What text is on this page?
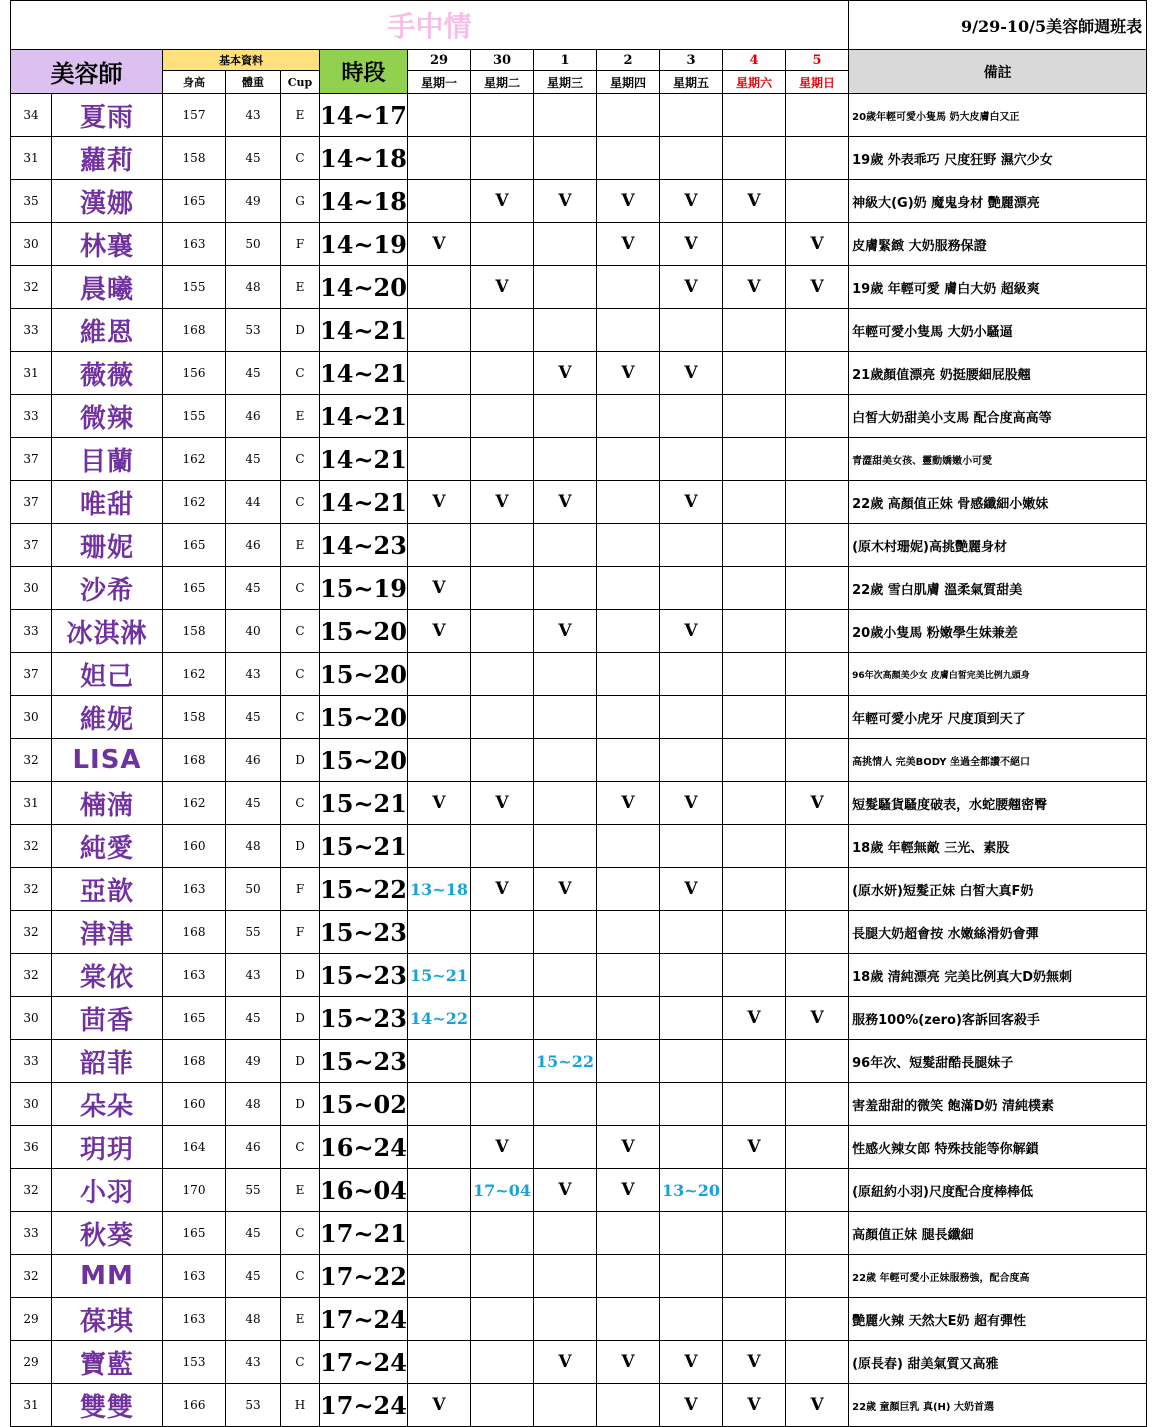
手中情													9/29-10/5美容師週班表
美容師		基本資料			時段	29	30	1	2	3	4	5	備註
		身高	體重	Cup		星期一	星期二	星期三	星期四	星期五	星期六	星期日	
34	夏雨	157	43	E	14~17								20歲年輕可愛小隻馬 奶大皮膚白又正
31	蘿莉	158	45	C	14~18								19歲 外表乖巧 尺度狂野 濕穴少女
35	漢娜	165	49	G	14~18		V	V	V	V	V		神級大(G)奶 魔鬼身材 艷麗漂亮
30	林襄	163	50	F	14~19	V			V	V		V	皮膚緊緻 大奶服務保證
32	晨曦	155	48	E	14~20		V			V	V	V	19歲 年輕可愛 膚白大奶 超級爽
33	維恩	168	53	D	14~21								年輕可愛小隻馬 大奶小騷逼
31	薇薇	156	45	C	14~21			V	V	V			21歲顏值漂亮 奶挺腰細屁股翹
33	微辣	155	46	E	14~21								白皙大奶甜美小支馬 配合度高高等
37	目蘭	162	45	C	14~21								青澀甜美女孩、靈動嬌嫩小可愛
37	唯甜	162	44	C	14~21	V	V	V		V			22歲 高顏值正妹 骨感纖細小嫩妹
37	珊妮	165	46	E	14~23								(原木村珊妮)高挑艷麗身材
30	沙希	165	45	C	15~19	V							22歲 雪白肌膚 溫柔氣質甜美
33	冰淇淋	158	40	C	15~20	V		V		V			20歲小隻馬 粉嫩學生妹兼差
37	妲己	162	43	C	15~20								96年次高顏美少女 皮膚白皙完美比例九頭身
30	維妮	158	45	C	15~20								年輕可愛小虎牙 尺度頂到天了
32	LISA	168	46	D	15~20								高挑情人 完美BODY 坐過全都讚不絕口
31	楠湳	162	45	C	15~21	V	V		V	V		V	短髮騷貨騷度破表，水蛇腰翹密臀
32	純愛	160	48	D	15~21								18歲 年輕無敵 三光、素股
32	亞歆	163	50	F	15~22	13~18	V	V		V			(原水妍)短髮正妹 白皙大真F奶
32	津津	168	55	F	15~23								長腿大奶超會按 水嫩絲滑奶會彈
32	棠依	163	43	D	15~23	15~21							18歲 清純漂亮 完美比例真大D奶無刺
30	茴香	165	45	D	15~23	14~22					V	V	服務100%(zero)客訴回客殺手
33	韶菲	168	49	D	15~23			15~22					96年次、短髮甜酷長腿妹子
30	朵朵	160	48	D	15~02								害羞甜甜的微笑 飽滿D奶 清純樸素
36	玥玥	164	46	C	16~24		V		V		V		性感火辣女郎 特殊技能等你解鎖
32	小羽	170	55	E	16~04		17~04	V	V	13~20			(原紐約小羽)尺度配合度棒棒低
33	秋葵	165	45	C	17~21								高顏值正妹 腿長纖細
32	MM	163	45	C	17~22								22歲 年輕可愛小正妹服務強，配合度高
29	葆琪	163	48	E	17~24								艷麗火辣 天然大E奶 超有彈性
29	寶藍	153	43	C	17~24			V	V	V	V		(原長春) 甜美氣質又高雅
31	雙雙	166	53	H	17~24	V				V	V	V	22歲 童顏巨乳 真(H) 大奶首選
